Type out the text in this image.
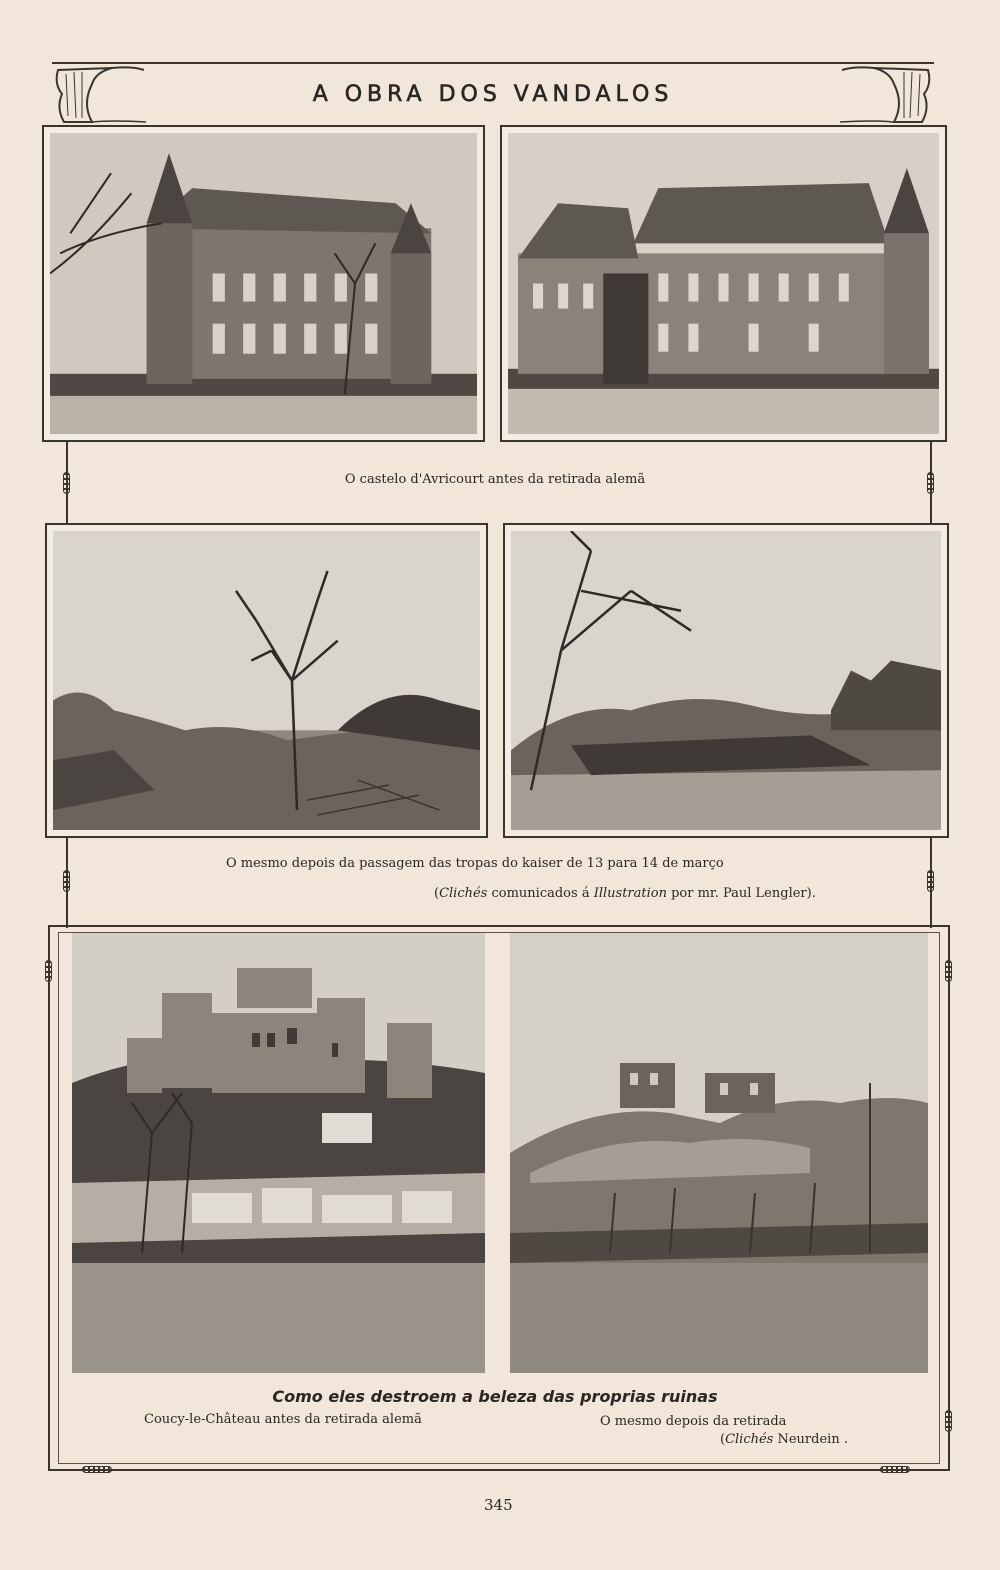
A OBRA DOS VANDALOS
O castelo d'Avricourt antes da retirada alemã
O mesmo depois da passagem das tropas do kaiser de 13 para 14 de março
(Clichés comunicados á Illustration por mr. Paul Lengler).
Como eles destroem a beleza das proprias ruinas
Coucy-le-Château antes da retirada alemã	O mesmo depois da retirada
(Clichés Neurdein .
345
